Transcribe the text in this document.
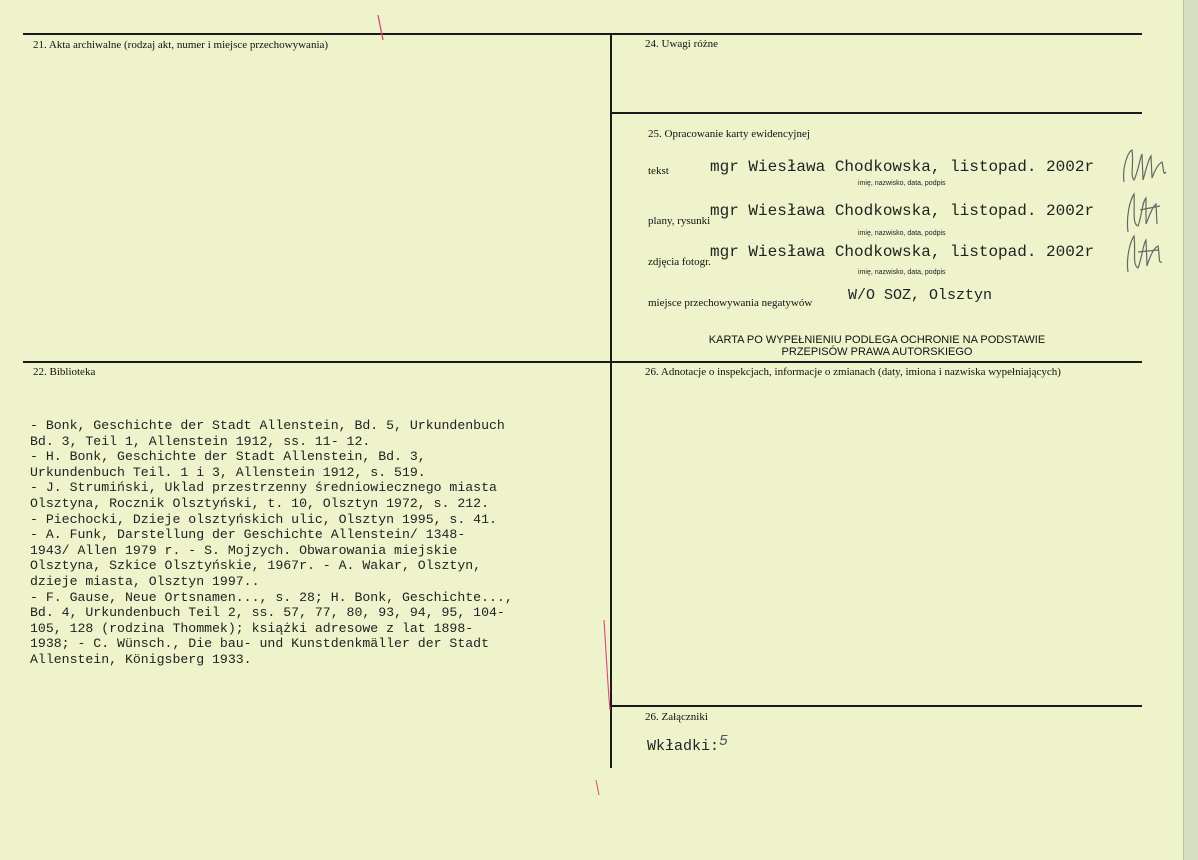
21. Akta archiwalne (rodzaj akt, numer i miejsce przechowywania)	24. Uwagi różne
25. Opracowanie karty ewidencyjnej
tekst	mgr Wiesława Chodkowska, listopad. 2002r
imię, nazwisko, data, podpis
plany, rysunki
mgr Wiesława Chodkowska, listopad. 2002r
imię, nazwisko, data, podpis
zdjęcia fotogr.
mgr Wiesława Chodkowska, listopad. 2002r
imię, nazwisko, data, podpis
miejsce przechowywania negatywów W/O SOZ, Olsztyn
KARTA PO WYPEŁNIENIU PODLEGA OCHRONIE NA PODSTAWIE
PRZEPISÓW PRAWA AUTORSKIEGO
22. Biblioteka
- Bonk, Geschichte der Stadt Allenstein, Bd. 5, Urkundenbuch
Bd. 3, Teil 1, Allenstein 1912, ss. 11- 12.
- H. Bonk, Geschichte der Stadt Allenstein, Bd. 3,
Urkundenbuch Teil. 1 i 3, Allenstein 1912, s. 519.
- J. Strumiński, Uklad przestrzenny średniowiecznego miasta
Olsztyna, Rocznik Olsztyński, t. 10, Olsztyn 1972, s. 212.
- Piechocki, Dzieje olsztyńskich ulic, Olsztyn 1995, s. 41.
- A. Funk, Darstellung der Geschichte Allenstein/ 1348-
1943/ Allen 1979 r. - S. Mojzych. Obwarowania miejskie
Olsztyna, Szkice Olsztyńskie, 1967r. - A. Wakar, Olsztyn,
dzieje miasta, Olsztyn 1997..
- F. Gause, Neue Ortsnamen..., s. 28; H. Bonk, Geschichte...,
Bd. 4, Urkundenbuch Teil 2, ss. 57, 77, 80, 93, 94, 95, 104-
105, 128 (rodzina Thommek); książki adresowe z lat 1898-
1938; - C. Wünsch., Die bau- und Kunstdenkmäller der Stadt
Allenstein, Königsberg 1933.
26. Adnotacje o inspekcjach, informacje o zmianach (daty, imiona i nazwiska wypełniających)
26. Załączniki
Wkładki: 5
